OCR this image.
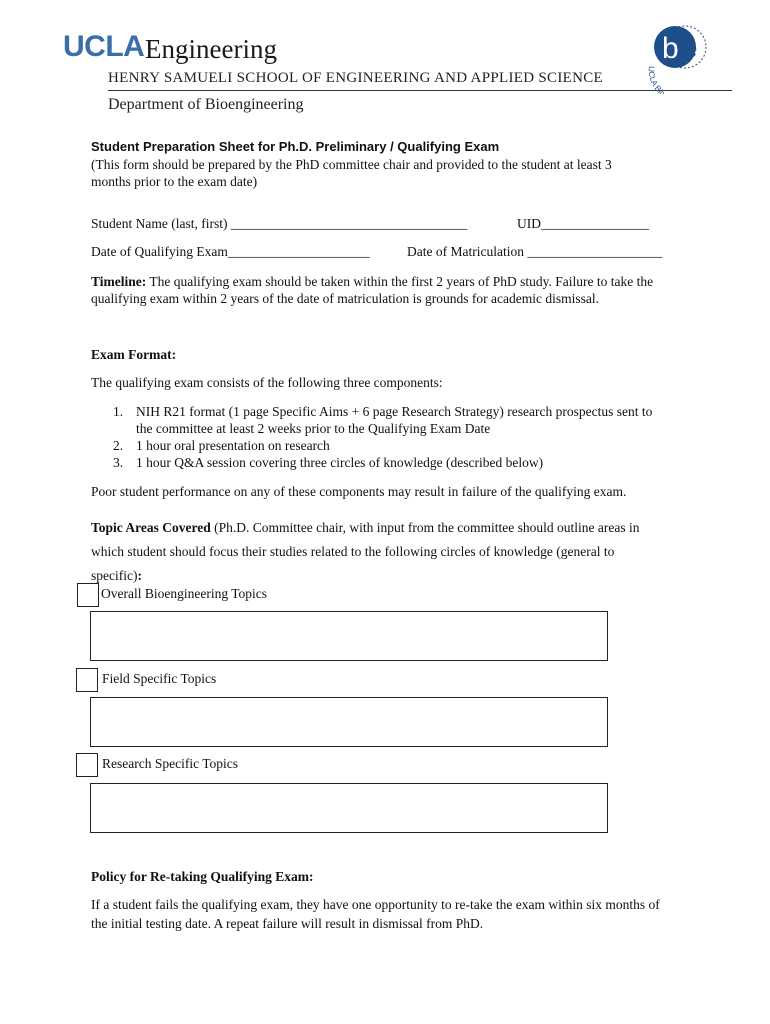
UCLA Engineering
HENRY SAMUELI SCHOOL OF ENGINEERING AND APPLIED SCIENCE
Department of Bioengineering
b e
UCLA Bio
Student Preparation Sheet for Ph.D. Preliminary / Qualifying Exam
(This form should be prepared by the PhD committee chair and provided to the student at least 3
months prior to the exam date)
Student Name (last, first) ___________________________________	UID________________
Date of Qualifying Exam_____________________	Date of Matriculation ____________________
Timeline: The qualifying exam should be taken within the first 2 years of PhD study. Failure to take the
qualifying exam within 2 years of the date of matriculation is grounds for academic dismissal.
Exam Format:
The qualifying exam consists of the following three components:
1. NIH R21 format (1 page Specific Aims + 6 page Research Strategy) research prospectus sent to
the committee at least 2 weeks prior to the Qualifying Exam Date
2. 1 hour oral presentation on research
3. 1 hour Q&A session covering three circles of knowledge (described below)
Poor student performance on any of these components may result in failure of the qualifying exam.
Topic Areas Covered (Ph.D. Committee chair, with input from the committee should outline areas in
which student should focus their studies related to the following circles of knowledge (general to
specific):
Overall Bioengineering Topics
Field Specific Topics
Research Specific Topics
Policy for Re-taking Qualifying Exam:
If a student fails the qualifying exam, they have one opportunity to re-take the exam within six months of
the initial testing date. A repeat failure will result in dismissal from PhD.
